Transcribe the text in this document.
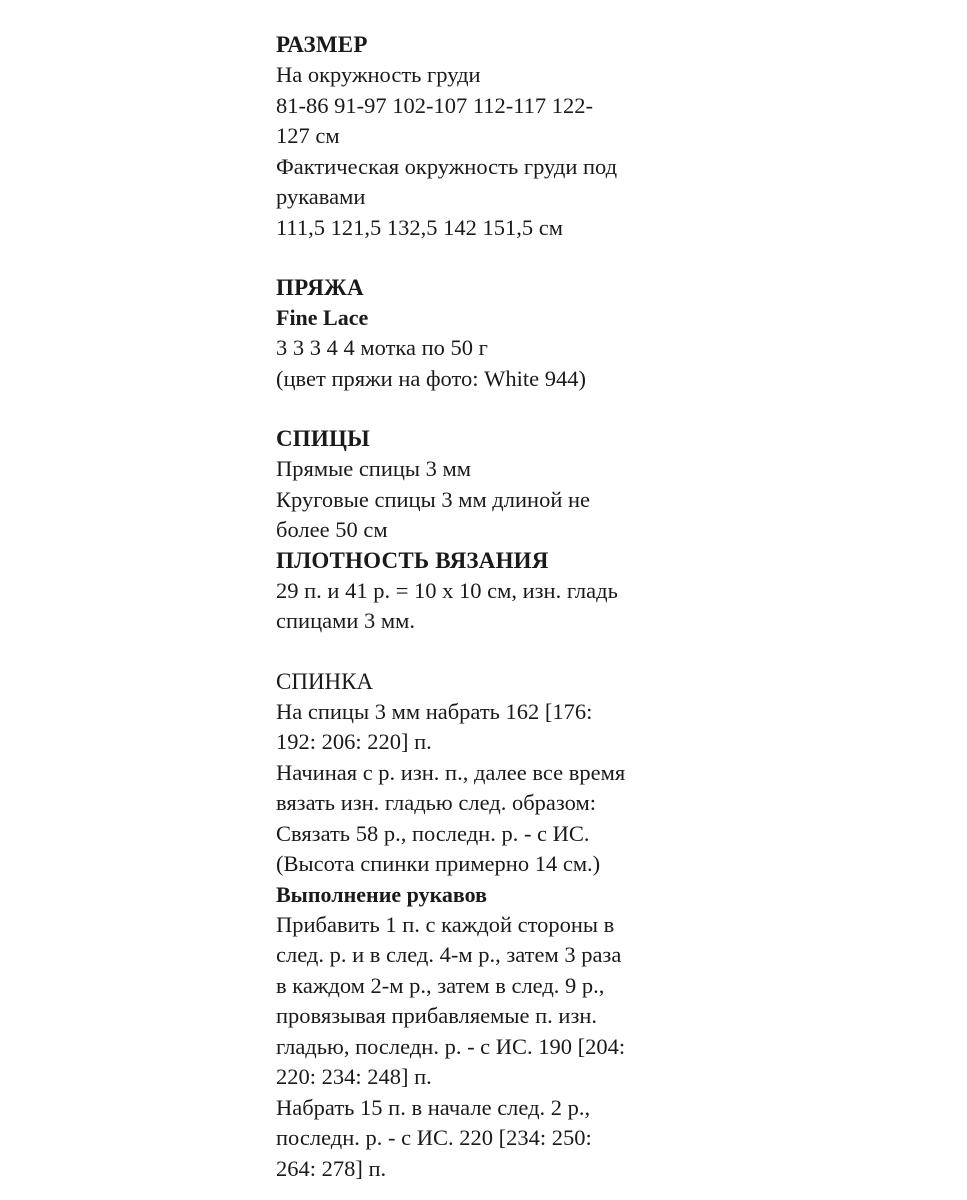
РАЗМЕР
На окружность груди
81-86 91-97 102-107 112-117 122-
127 см
Фактическая окружность груди под
рукавами
111,5 121,5 132,5 142 151,5 см
ПРЯЖА
Fine Lace
3 3 3 4 4 мотка по 50 г
(цвет пряжи на фото: White 944)
СПИЦЫ
Прямые спицы 3 мм
Круговые спицы 3 мм длиной не
более 50 см
ПЛОТНОСТЬ ВЯЗАНИЯ
29 п. и 41 р. = 10 х 10 см, изн. гладь
спицами 3 мм.
СПИНКА
На спицы 3 мм набрать 162 [176:
192: 206: 220] п.
Начиная с р. изн. п., далее все время
вязать изн. гладью след. образом:
Связать 58 р., последн. р. - с ИС.
(Высота спинки примерно 14 см.)
Выполнение рукавов
Прибавить 1 п. с каждой стороны в
след. р. и в след. 4-м р., затем 3 раза
в каждом 2-м р., затем в след. 9 р.,
провязывая прибавляемые п. изн.
гладью, последн. р. - с ИС. 190 [204:
220: 234: 248] п.
Набрать 15 п. в начале след. 2 р.,
последн. р. - с ИС. 220 [234: 250:
264: 278] п.
